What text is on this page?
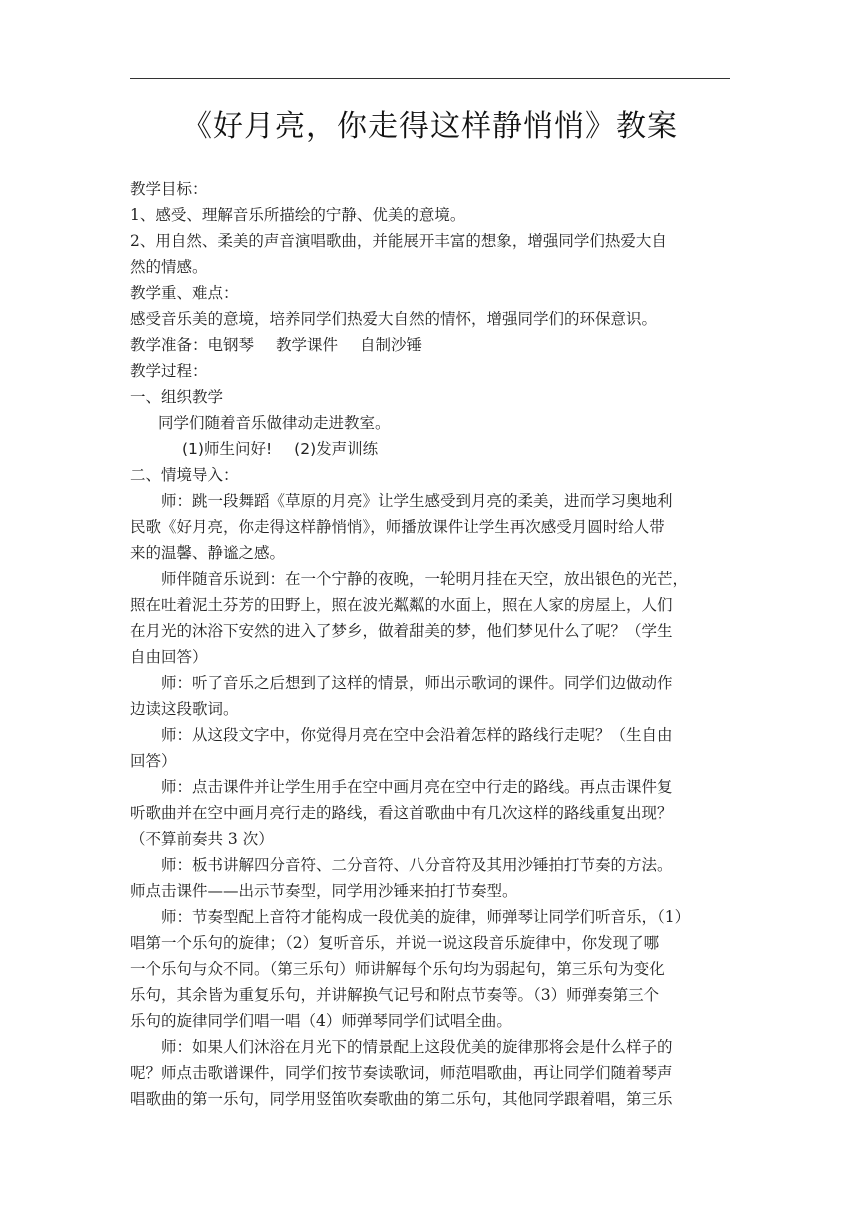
《好月亮，你走得这样静悄悄》教案
教学目标：
1、感受、理解音乐所描绘的宁静、优美的意境。
2、用自然、柔美的声音演唱歌曲，并能展开丰富的想象，增强同学们热爱大自
然的情感。
教学重、难点：
感受音乐美的意境，培养同学们热爱大自然的情怀，增强同学们的环保意识。
教学准备：电钢琴 教学课件 自制沙锤
教学过程：
一、组织教学
同学们随着音乐做律动走进教室。
(1)师生问好! (2)发声训练
二、情境导入：
师：跳一段舞蹈《草原的月亮》让学生感受到月亮的柔美，进而学习奥地利
民歌《好月亮，你走得这样静悄悄》，师播放课件让学生再次感受月圆时给人带
来的温馨、静谧之感。
师伴随音乐说到：在一个宁静的夜晚，一轮明月挂在天空，放出银色的光芒，
照在吐着泥土芬芳的田野上，照在波光粼粼的水面上，照在人家的房屋上，人们
在月光的沐浴下安然的进入了梦乡，做着甜美的梦，他们梦见什么了呢？（学生
自由回答）
师：听了音乐之后想到了这样的情景，师出示歌词的课件。同学们边做动作
边读这段歌词。
师：从这段文字中，你觉得月亮在空中会沿着怎样的路线行走呢？（生自由
回答）
师：点击课件并让学生用手在空中画月亮在空中行走的路线。再点击课件复
听歌曲并在空中画月亮行走的路线，看这首歌曲中有几次这样的路线重复出现？
（不算前奏共 3 次）
师：板书讲解四分音符、二分音符、八分音符及其用沙锤拍打节奏的方法。
师点击课件——出示节奏型，同学用沙锤来拍打节奏型。
师：节奏型配上音符才能构成一段优美的旋律，师弹琴让同学们听音乐，（1）
唱第一个乐句的旋律；（2）复听音乐，并说一说这段音乐旋律中，你发现了哪
一个乐句与众不同。（第三乐句）师讲解每个乐句均为弱起句，第三乐句为变化
乐句，其余皆为重复乐句，并讲解换气记号和附点节奏等。（3）师弹奏第三个
乐句的旋律同学们唱一唱（4）师弹琴同学们试唱全曲。
师：如果人们沐浴在月光下的情景配上这段优美的旋律那将会是什么样子的
呢？师点击歌谱课件，同学们按节奏读歌词，师范唱歌曲，再让同学们随着琴声
唱歌曲的第一乐句，同学用竖笛吹奏歌曲的第二乐句，其他同学跟着唱，第三乐
